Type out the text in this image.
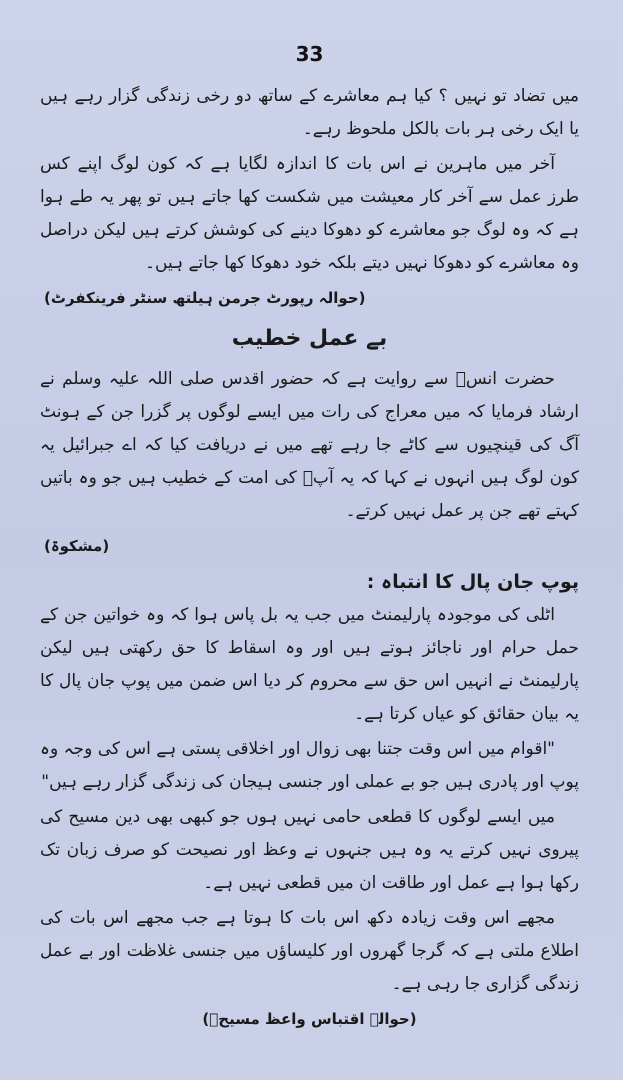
33

میں تضاد تو نہیں ؟ کیا ہم معاشرے کے ساتھ دو رخی زندگی گزار رہے ہیں یا ایک رخی ہر بات بالکل ملحوظ رہے۔

آخر میں ماہرین نے اس بات کا اندازہ لگایا ہے کہ کون لوگ اپنے کس طرز عمل سے آخر کار معیشت میں شکست کھا جاتے ہیں تو پھر یہ طے ہوا ہے کہ وہ لوگ جو معاشرے کو دھوکا دینے کی کوشش کرتے ہیں لیکن دراصل وہ معاشرے کو دھوکا نہیں دیتے بلکہ خود دھوکا کھا جاتے ہیں۔

(حوالہ رپورٹ جرمن ہیلتھ سنٹر فرینکفرٹ)

بے عمل خطیب

حضرت انسؓ سے روایت ہے کہ حضور اقدس صلی اللہ علیہ وسلم نے ارشاد فرمایا کہ میں معراج کی رات میں ایسے لوگوں پر گزرا جن کے ہونٹ آگ کی قینچیوں سے کاٹے جا رہے تھے میں نے دریافت کیا کہ اے جبرائیل یہ کون لوگ ہیں انہوں نے کہا کہ یہ آپؐ کی امت کے خطیب ہیں جو وہ باتیں کہتے تھے جن پر عمل نہیں کرتے۔

(مشکوۃ)

پوپ جان پال کا انتباہ :

اٹلی کی موجودہ پارلیمنٹ میں جب یہ بل پاس ہوا کہ وہ خواتین جن کے حمل حرام اور ناجائز ہوتے ہیں اور وہ اسقاط کا حق رکھتی ہیں لیکن پارلیمنٹ نے انہیں اس حق سے محروم کر دیا اس ضمن میں پوپ جان پال کا یہ بیان حقائق کو عیاں کرتا ہے۔

"اقوام میں اس وقت جتنا بھی زوال اور اخلاقی پستی ہے اس کی وجہ وہ پوپ اور پادری ہیں جو بے عملی اور جنسی ہیجان کی زندگی گزار رہے ہیں"

میں ایسے لوگوں کا قطعی حامی نہیں ہوں جو کبھی بھی دین مسیح کی پیروی نہیں کرتے یہ وہ ہیں جنہوں نے وعظ اور نصیحت کو صرف زبان تک رکھا ہوا ہے عمل اور طاقت ان میں قطعی نہیں ہے۔

مجھے اس وقت زیادہ دکھ اس بات کا ہوتا ہے جب مجھے اس بات کی اطلاع ملتی ہے کہ گرجا گھروں اور کلیساؤں میں جنسی غلاظت اور بے عمل زندگی گزاری جا رہی ہے۔

(حوالہ اقتباس واعظ مسیحؑ)
